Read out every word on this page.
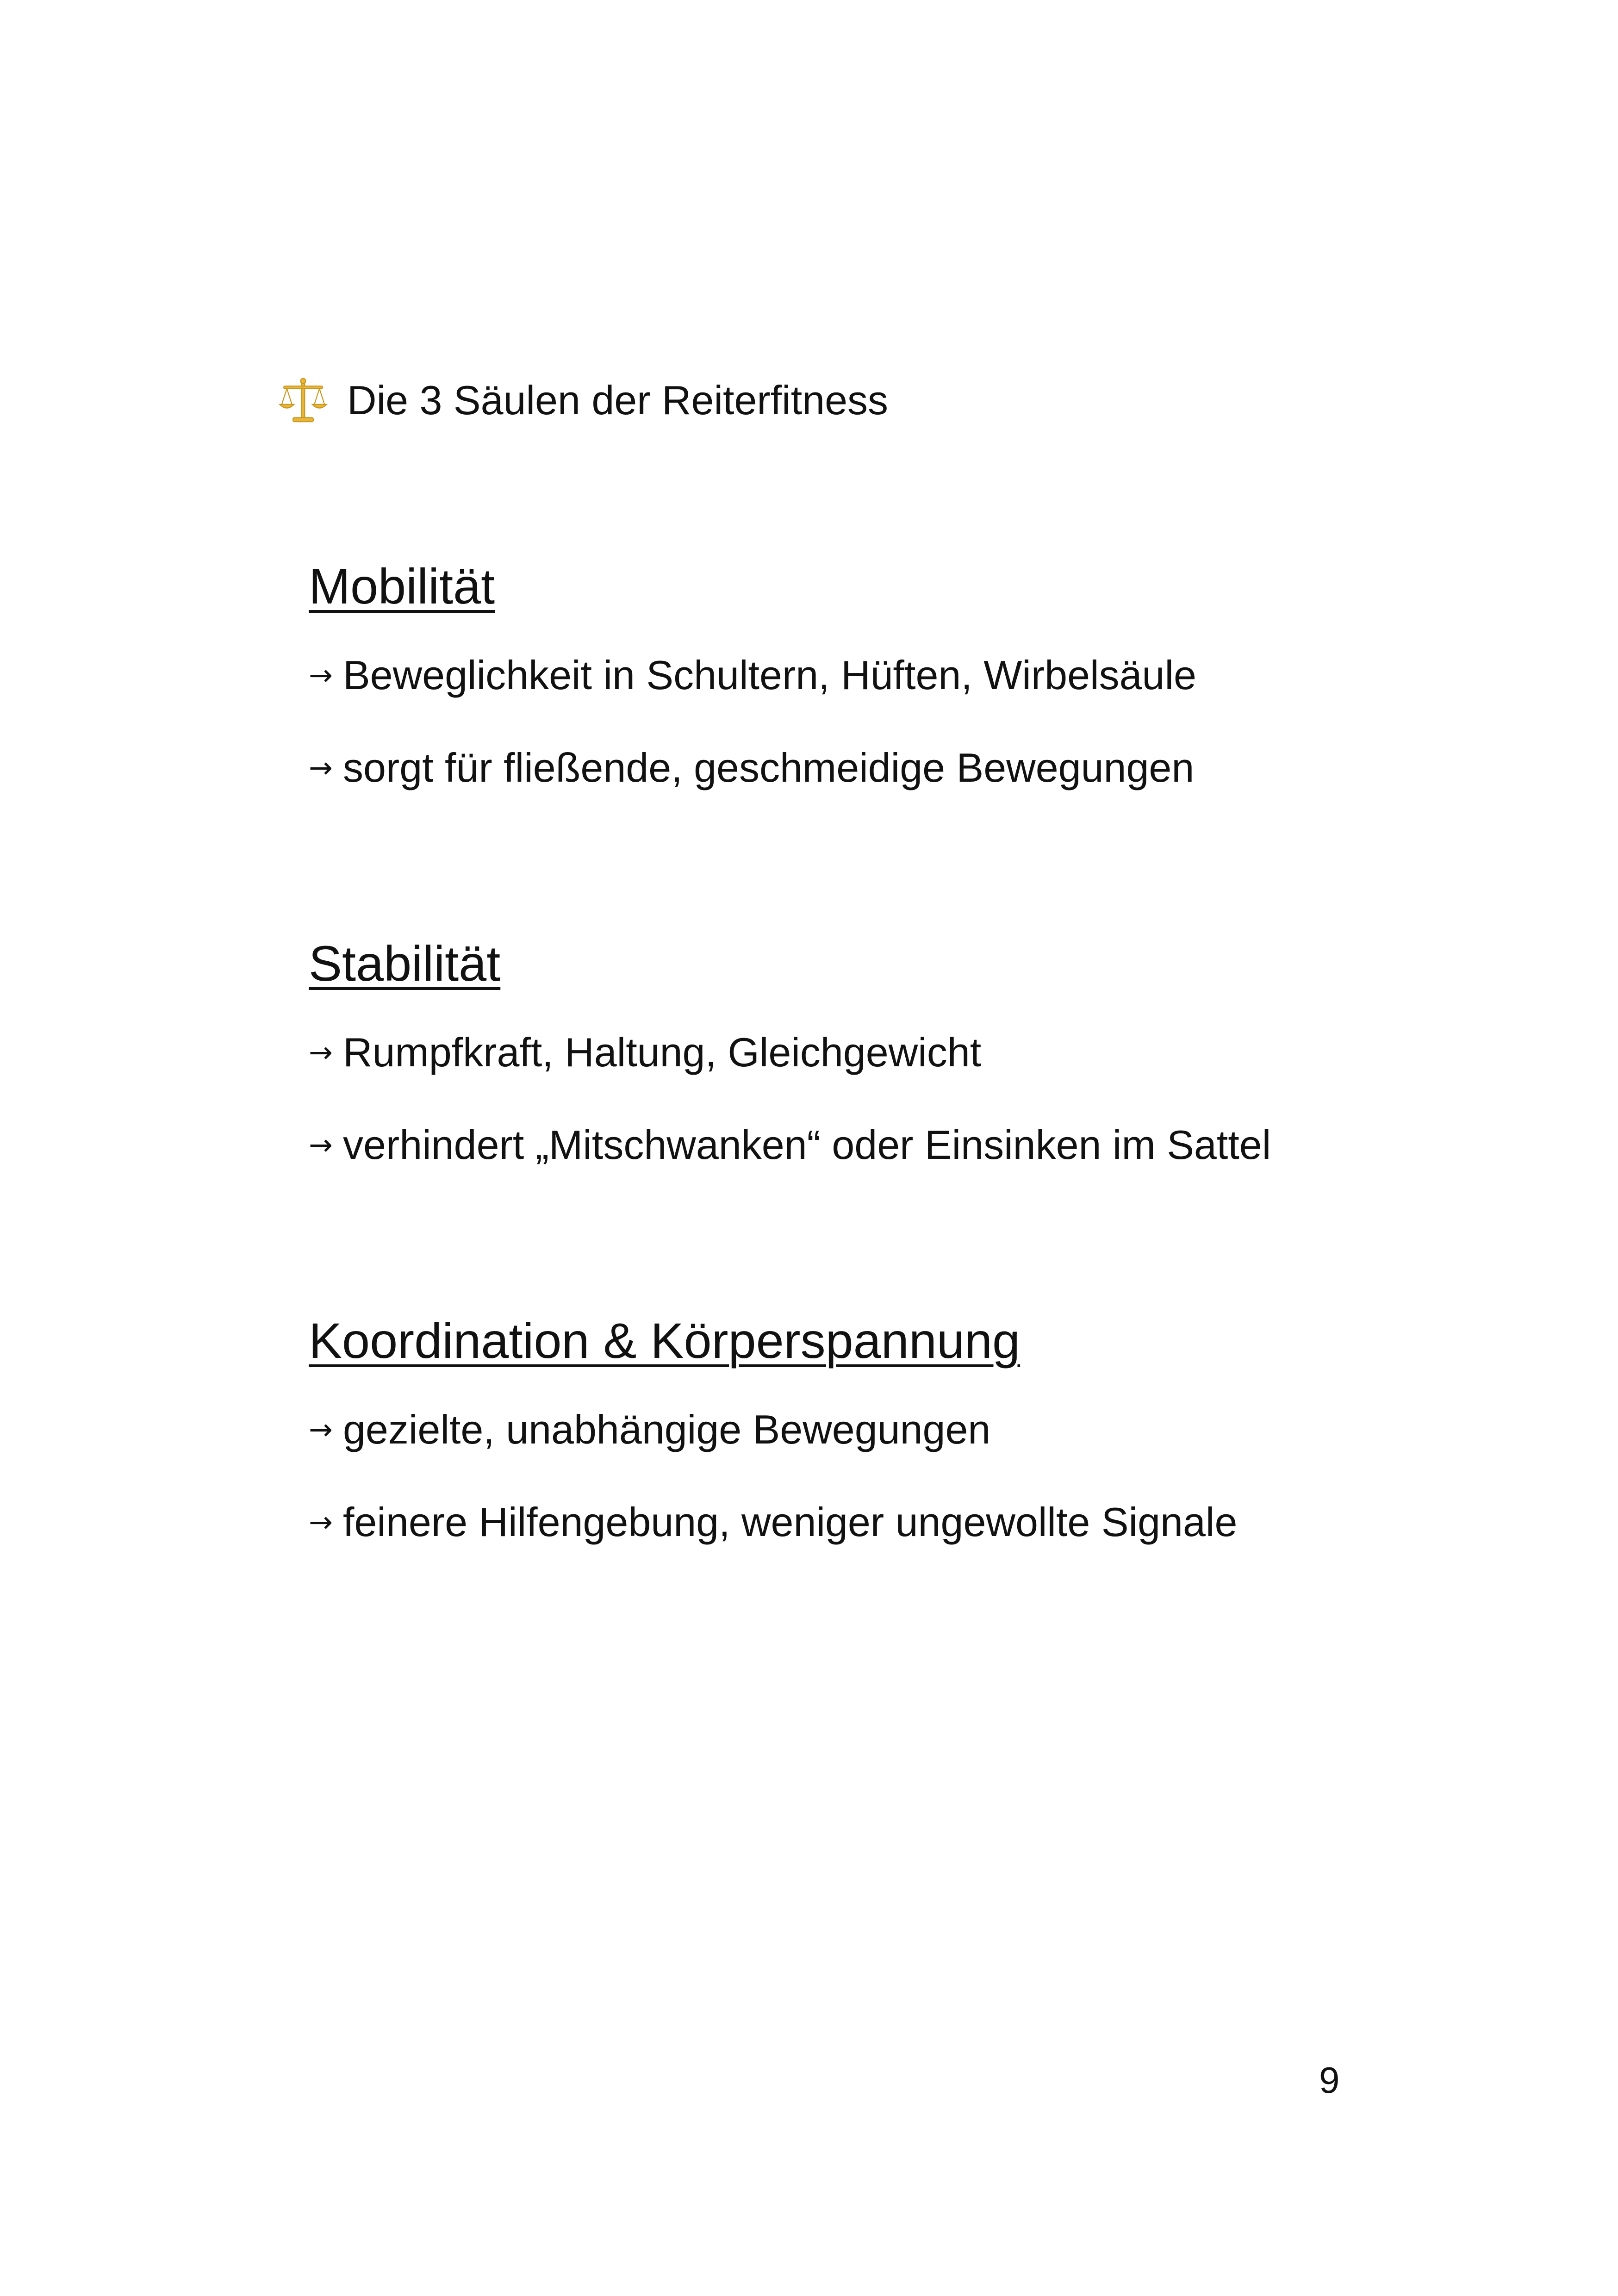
Die 3 Säulen der Reiterfitness
Mobilität
→ Beweglichkeit in Schultern, Hüften, Wirbelsäule
→ sorgt für fließende, geschmeidige Bewegungen
Stabilität
→ Rumpfkraft, Haltung, Gleichgewicht
→ verhindert „Mitschwanken“ oder Einsinken im Sattel
Koordination & Körperspannung
→ gezielte, unabhängige Bewegungen
→ feinere Hilfengebung, weniger ungewollte Signale
9
